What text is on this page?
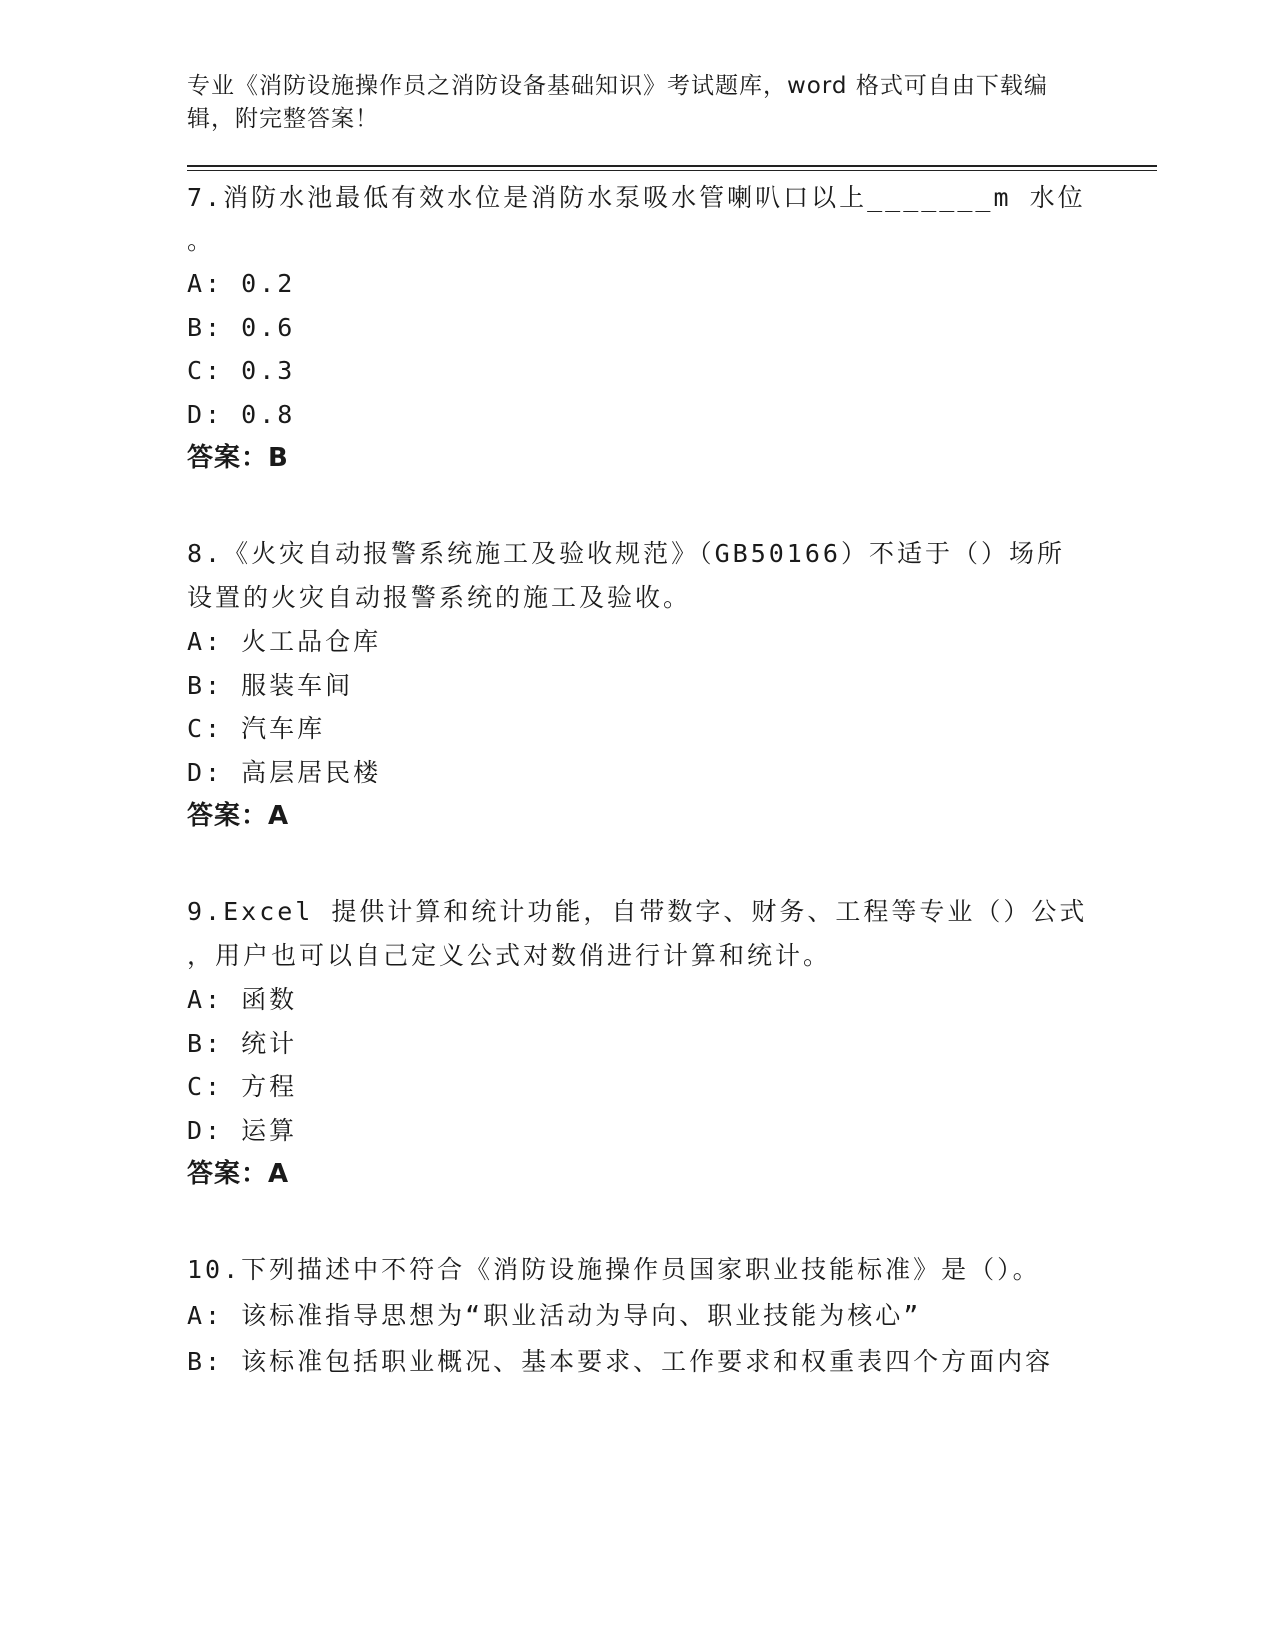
专业《消防设施操作员之消防设备基础知识》考试题库，word 格式可自由下载编
辑，附完整答案！
7.消防水池最低有效水位是消防水泵吸水管喇叭口以上_______m 水位
。
A: 0.2
B: 0.6
C: 0.3
D: 0.8
答案：B
8.《火灾自动报警系统施工及验收规范》（GB50166）不适于（）场所
设置的火灾自动报警系统的施工及验收。
A: 火工品仓库
B: 服装车间
C: 汽车库
D: 高层居民楼
答案：A
9.Excel 提供计算和统计功能，自带数字、财务、工程等专业（）公式
，用户也可以自己定义公式对数俏进行计算和统计。
A: 函数
B: 统计
C: 方程
D: 运算
答案：A
10.下列描述中不符合《消防设施操作员国家职业技能标准》是（）。
A: 该标准指导思想为“职业活动为导向、职业技能为核心”
B: 该标准包括职业概况、基本要求、工作要求和权重表四个方面内容
